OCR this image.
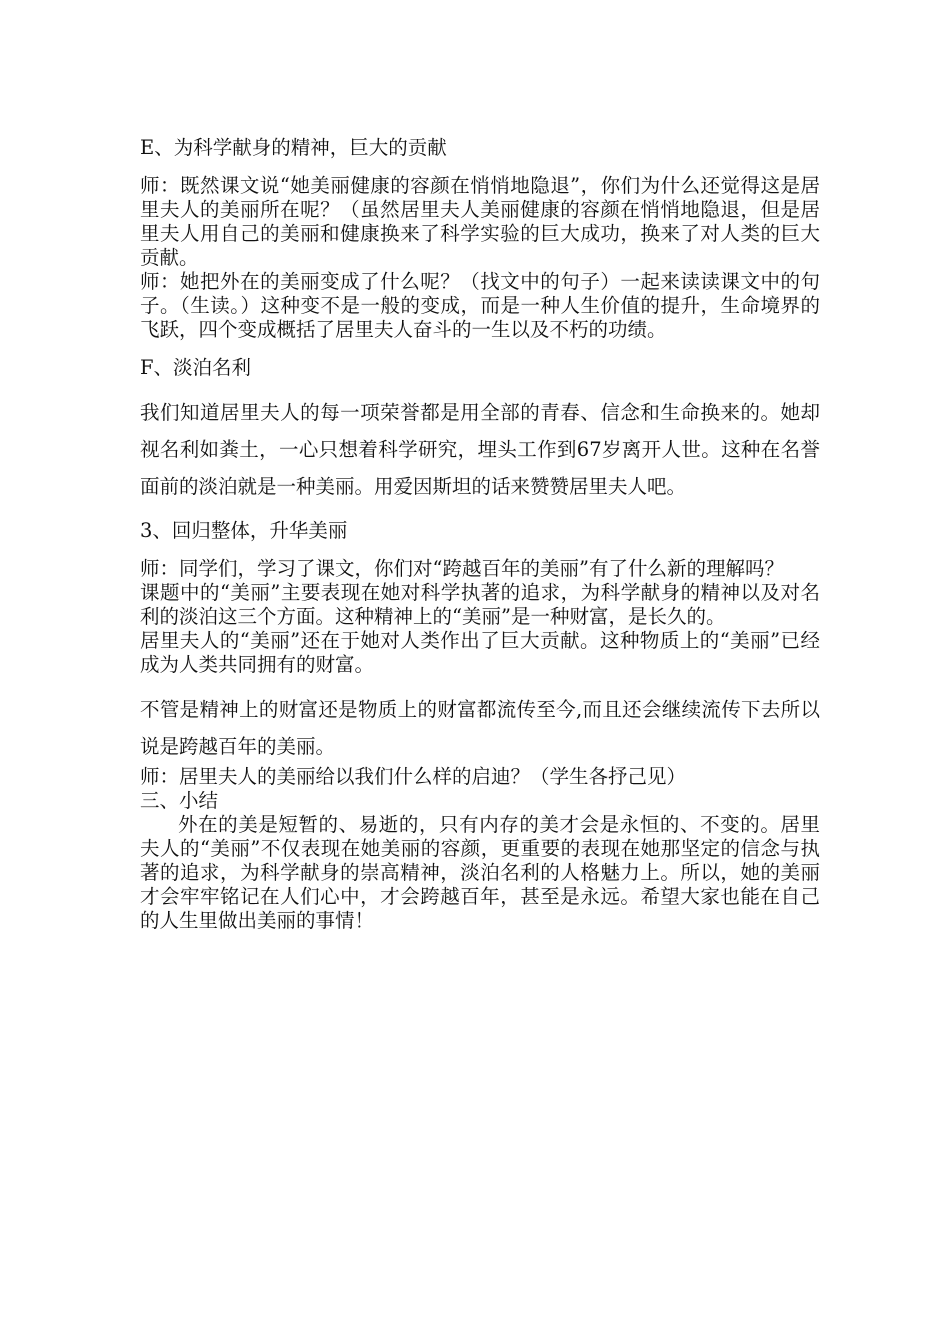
E、为科学献身的精神，巨大的贡献

师：既然课文说“她美丽健康的容颜在悄悄地隐退”，你们为什么还觉得这是居里夫人的美丽所在呢？（虽然居里夫人美丽健康的容颜在悄悄地隐退，但是居里夫人用自己的美丽和健康换来了科学实验的巨大成功，换来了对人类的巨大贡献。

师：她把外在的美丽变成了什么呢？（找文中的句子）一起来读读课文中的句子。（生读。）这种变不是一般的变成，而是一种人生价值的提升，生命境界的飞跃，四个变成概括了居里夫人奋斗的一生以及不朽的功绩。

F、淡泊名利

我们知道居里夫人的每一项荣誉都是用全部的青春、信念和生命换来的。她却视名利如粪土，一心只想着科学研究，埋头工作到67岁离开人世。这种在名誉面前的淡泊就是一种美丽。用爱因斯坦的话来赞赞居里夫人吧。

3、回归整体，升华美丽

师：同学们，学习了课文，你们对“跨越百年的美丽”有了什么新的理解吗？

课题中的“美丽”主要表现在她对科学执著的追求，为科学献身的精神以及对名利的淡泊这三个方面。这种精神上的“美丽”是一种财富，是长久的。

居里夫人的“美丽”还在于她对人类作出了巨大贡献。这种物质上的“美丽”已经成为人类共同拥有的财富。

不管是精神上的财富还是物质上的财富都流传至今,而且还会继续流传下去所以说是跨越百年的美丽。

师：居里夫人的美丽给以我们什么样的启迪？（学生各抒己见）

三、小结

外在的美是短暂的、易逝的，只有内存的美才会是永恒的、不变的。居里夫人的“美丽”不仅表现在她美丽的容颜，更重要的表现在她那坚定的信念与执著的追求，为科学献身的崇高精神，淡泊名利的人格魅力上。所以，她的美丽才会牢牢铭记在人们心中，才会跨越百年，甚至是永远。希望大家也能在自己的人生里做出美丽的事情！
